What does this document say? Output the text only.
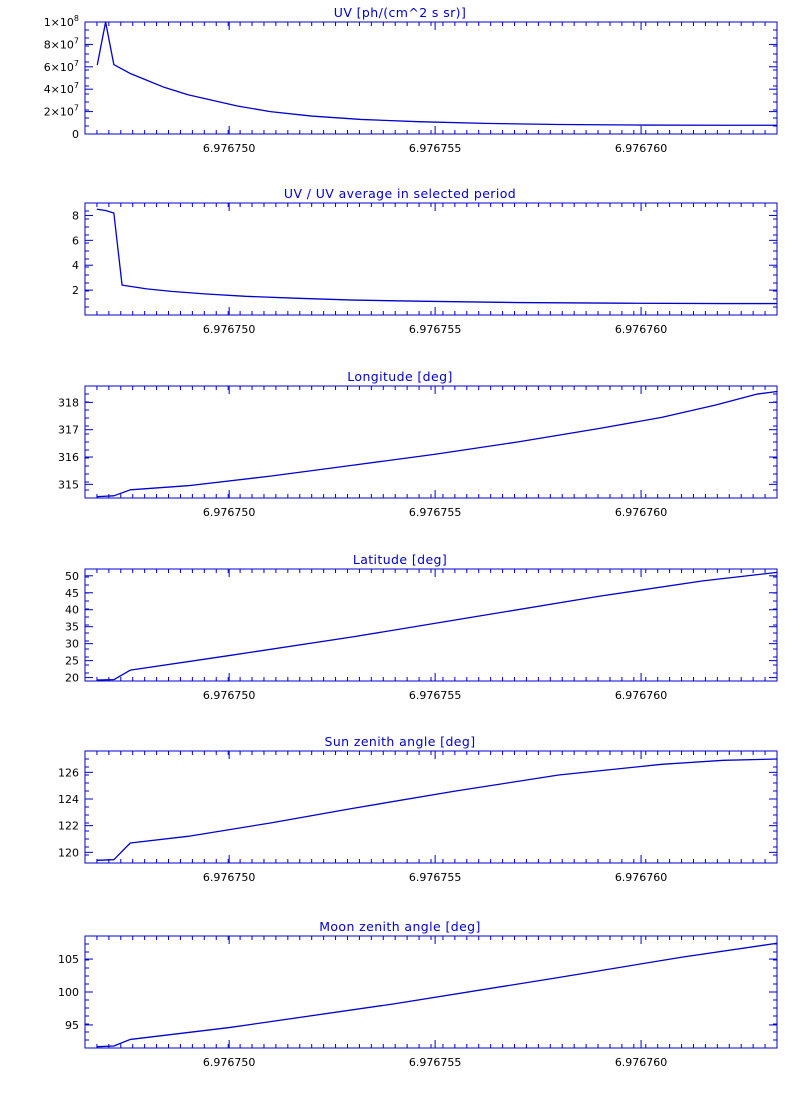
UV [ph/(cm^2 s sr)]
6.976750	6.976755	6.976760
0
$2\times 10^7$
$4\times 10^7$
$6\times 10^7$
$8\times 10^7$
$1\times 10^8$
UV / UV average in selected period
6.976750	6.976755	6.976760
2
4
6
8
Longitude [deg]
6.976750	6.976755	6.976760
315
316
317
318
Latitude [deg]
6.976750	6.976755	6.976760
20
25
30
35
40
45
50
Sun zenith angle [deg]
6.976750	6.976755	6.976760
120
122
124
126
Moon zenith angle [deg]
6.976750	6.976755	6.976760
95
100
105
